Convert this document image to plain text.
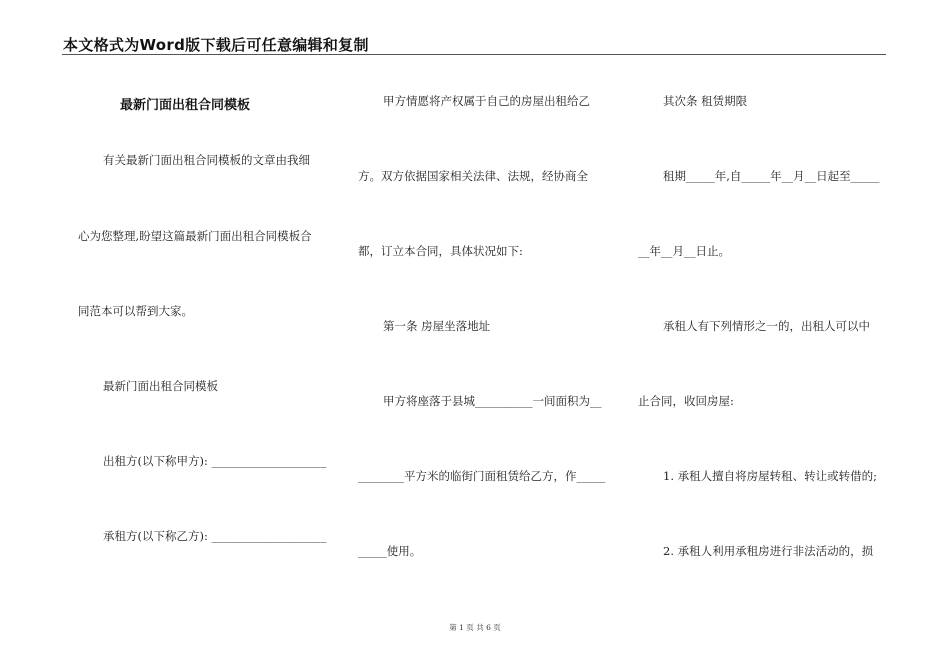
本文格式为Word版下载后可任意编辑和复制
最新门面出租合同模板
有关最新门面出租合同模板的文章由我细
心为您整理,盼望这篇最新门面出租合同模板合
同范本可以帮到大家。
最新门面出租合同模板
出租方(以下称甲方): ____________________
承租方(以下称乙方): ____________________
甲方情愿将产权属于自己的房屋出租给乙
方。双方依据国家相关法律、法规，经协商全
都，订立本合同，具体状况如下:
第一条 房屋坐落地址
甲方将座落于县城__________一间面积为__
________平方米的临街门面租赁给乙方，作_____
_____使用。
其次条 租赁期限
租期_____年,自_____年__月__日起至_____
__年__月__日止。
承租人有下列情形之一的，出租人可以中
止合同，收回房屋:
1. 承租人擅自将房屋转租、转让或转借的;
2. 承租人利用承租房进行非法活动的，损
第 1 页 共 6 页
